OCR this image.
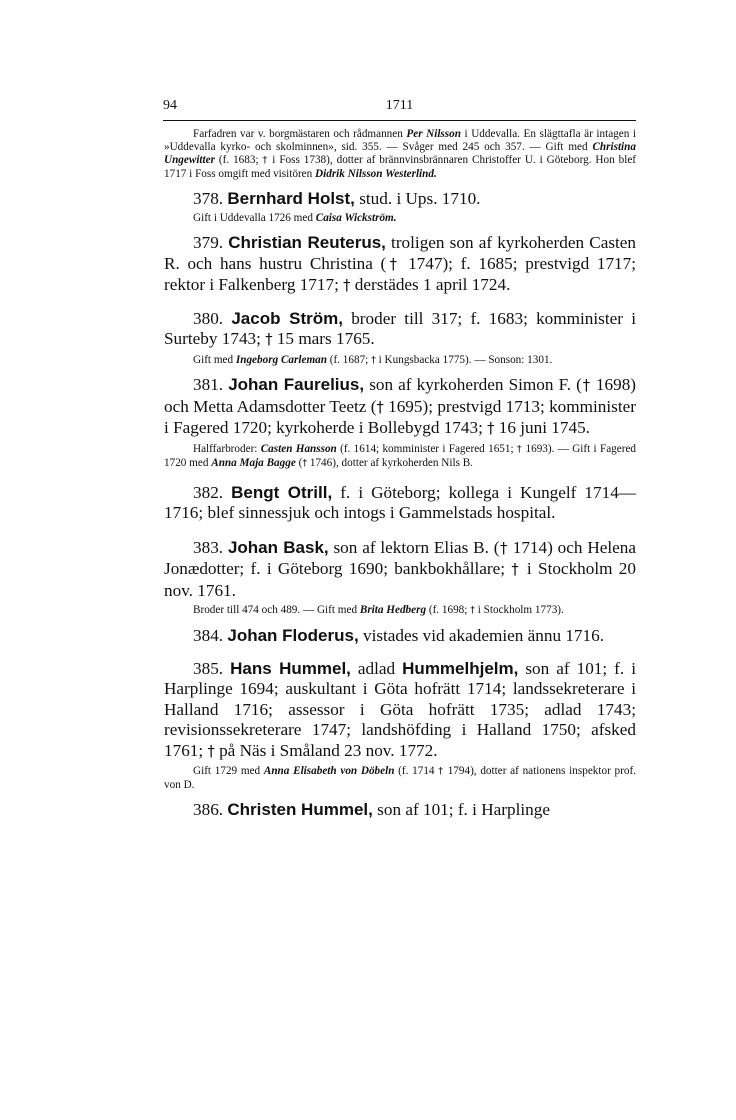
94	1711

Farfadren var v. borgmästaren och rådmannen Per Nilsson i Uddevalla. En slägttafla är intagen i »Uddevalla kyrko- och skolminnen», sid. 355. — Svåger med 245 och 357. — Gift med Christina Ungewitter (f. 1683; † i Foss 1738), dotter af brännvinsbrännaren Christoffer U. i Göteborg. Hon blef 1717 i Foss omgift med visitören Didrik Nilsson Westerlind.

378. Bernhard Holst, stud. i Ups. 1710.

Gift i Uddevalla 1726 med Caisa Wickström.

379. Christian Reuterus, troligen son af kyrkoherden Casten R. och hans hustru Christina († 1747); f. 1685; prestvigd 1717; rektor i Falkenberg 1717; † derstädes 1 april 1724.

380. Jacob Ström, broder till 317; f. 1683; komminister i Surteby 1743; † 15 mars 1765.

Gift med Ingeborg Carleman (f. 1687; † i Kungsbacka 1775). — Sonson: 1301.

381. Johan Faurelius, son af kyrkoherden Simon F. († 1698) och Metta Adamsdotter Teetz († 1695); prestvigd 1713; komminister i Fagered 1720; kyrkoherde i Bollebygd 1743; † 16 juni 1745.

Halffarbroder: Casten Hansson (f. 1614; komminister i Fagered 1651; † 1693). — Gift i Fagered 1720 med Anna Maja Bagge († 1746), dotter af kyrkoherden Nils B.

382. Bengt Otrill, f. i Göteborg; kollega i Kungelf 1714—1716; blef sinnessjuk och intogs i Gammelstads hospital.

383. Johan Bask, son af lektorn Elias B. († 1714) och Helena Jonædotter; f. i Göteborg 1690; bankbokhållare; † i Stockholm 20 nov. 1761.

Broder till 474 och 489. — Gift med Brita Hedberg (f. 1698; † i Stockholm 1773).

384. Johan Floderus, vistades vid akademien ännu 1716.

385. Hans Hummel, adlad Hummelhjelm, son af 101; f. i Harplinge 1694; auskultant i Göta hofrätt 1714; landssekreterare i Halland 1716; assessor i Göta hofrätt 1735; adlad 1743; revisionssekreterare 1747; landshöfding i Halland 1750; afsked 1761; † på Näs i Småland 23 nov. 1772.

Gift 1729 med Anna Elisabeth von Döbeln (f. 1714 † 1794), dotter af nationens inspektor prof. von D.

386. Christen Hummel, son af 101; f. i Harplinge
